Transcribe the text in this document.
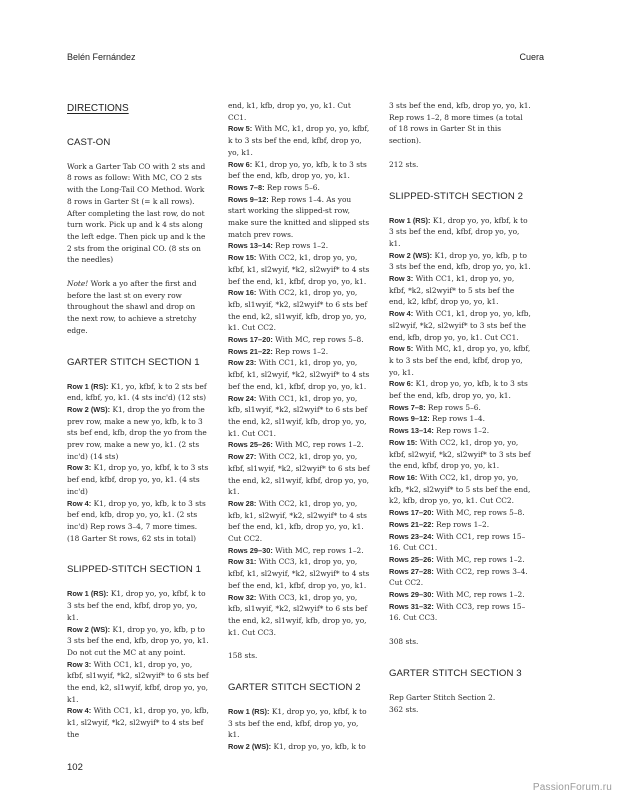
Belén Fernández	Cuera
DIRECTIONS
CAST-ON

Work a Garter Tab CO with 2 sts and 8 rows as follow: With MC, CO 2 sts with the Long-Tail CO Method. Work 8 rows in Garter St (= k all rows). After completing the last row, do not turn work. Pick up and k 4 sts along the left edge. Then pick up and k the 2 sts from the original CO. (8 sts on the needles)

Note! Work a yo after the first and before the last st on every row throughout the shawl and drop on the next row, to achieve a stretchy edge.

GARTER STITCH SECTION 1

Row 1 (RS): K1, yo, kfbf, k to 2 sts bef end, kfbf, yo, k1. (4 sts inc'd) (12 sts)

Row 2 (WS): K1, drop the yo from the prev row, make a new yo, kfb, k to 3 sts bef end, kfb, drop the yo from the prev row, make a new yo, k1. (2 sts inc'd) (14 sts)

Row 3: K1, drop yo, yo, kfbf, k to 3 sts bef end, kfbf, drop yo, yo, k1. (4 sts inc'd)

Row 4: K1, drop yo, yo, kfb, k to 3 sts bef end, kfb, drop yo, yo, k1. (2 sts inc'd) Rep rows 3–4, 7 more times. (18 Garter St rows, 62 sts in total)

SLIPPED-STITCH SECTION 1

Row 1 (RS): K1, drop yo, yo, kfbf, k to 3 sts bef the end, kfbf, drop yo, yo, k1.

Row 2 (WS): K1, drop yo, yo, kfb, p to 3 sts bef the end, kfb, drop yo, yo, k1. Do not cut the MC at any point.

Row 3: With CC1, k1, drop yo, yo, kfbf, sl1wyif, *k2, sl2wyif* to 6 sts bef the end, k2, sl1wyif, kfbf, drop yo, yo, k1.

Row 4: With CC1, k1, drop yo, yo, kfb, k1, sl2wyif, *k2, sl2wyif* to 4 sts bef the

end, k1, kfb, drop yo, yo, k1. Cut CC1.

Row 5: With MC, k1, drop yo, yo, kfbf, k to 3 sts bef the end, kfbf, drop yo, yo, k1.

Row 6: K1, drop yo, yo, kfb, k to 3 sts bef the end, kfb, drop yo, yo, k1.

Rows 7–8: Rep rows 5–6.

Rows 9–12: Rep rows 1–4. As you start working the slipped-st row, make sure the knitted and slipped sts match prev rows.

Rows 13–14: Rep rows 1–2.

Row 15: With CC2, k1, drop yo, yo, kfbf, k1, sl2wyif, *k2, sl2wyif* to 4 sts bef the end, k1, kfbf, drop yo, yo, k1.

Row 16: With CC2, k1, drop yo, yo, kfb, sl1wyif, *k2, sl2wyif* to 6 sts bef the end, k2, sl1wyif, kfb, drop yo, yo, k1. Cut CC2.

Rows 17–20: With MC, rep rows 5–8.

Rows 21–22: Rep rows 1–2.

Row 23: With CC1, k1, drop yo, yo, kfbf, k1, sl2wyif, *k2, sl2wyif* to 4 sts bef the end, k1, kfbf, drop yo, yo, k1.

Row 24: With CC1, k1, drop yo, yo, kfb, sl1wyif, *k2, sl2wyif* to 6 sts bef the end, k2, sl1wyif, kfb, drop yo, yo, k1. Cut CC1.

Rows 25–26: With MC, rep rows 1–2.

Row 27: With CC2, k1, drop yo, yo, kfbf, sl1wyif, *k2, sl2wyif* to 6 sts bef the end, k2, sl1wyif, kfbf, drop yo, yo, k1.

Row 28: With CC2, k1, drop yo, yo, kfb, k1, sl2wyif, *k2, sl2wyif* to 4 sts bef the end, k1, kfb, drop yo, yo, k1. Cut CC2.

Rows 29–30: With MC, rep rows 1–2.

Row 31: With CC3, k1, drop yo, yo, kfbf, k1, sl2wyif, *k2, sl2wyif* to 4 sts bef the end, k1, kfbf, drop yo, yo, k1.

Row 32: With CC3, k1, drop yo, yo, kfb, sl1wyif, *k2, sl2wyif* to 6 sts bef the end, k2, sl1wyif, kfb, drop yo, yo, k1. Cut CC3.

158 sts.

GARTER STITCH SECTION 2

Row 1 (RS): K1, drop yo, yo, kfbf, k to 3 sts bef the end, kfbf, drop yo, yo, k1.

Row 2 (WS): K1, drop yo, yo, kfb, k to

3 sts bef the end, kfb, drop yo, yo, k1. Rep rows 1–2, 8 more times (a total of 18 rows in Garter St in this section).

212 sts.

SLIPPED-STITCH SECTION 2

Row 1 (RS): K1, drop yo, yo, kfbf, k to 3 sts bef the end, kfbf, drop yo, yo, k1.

Row 2 (WS): K1, drop yo, yo, kfb, p to 3 sts bef the end, kfb, drop yo, yo, k1.

Row 3: With CC1, k1, drop yo, yo, kfbf, *k2, sl2wyif* to 5 sts bef the end, k2, kfbf, drop yo, yo, k1.

Row 4: With CC1, k1, drop yo, yo, kfb, sl2wyif, *k2, sl2wyif* to 3 sts bef the end, kfb, drop yo, yo, k1. Cut CC1.

Row 5: With MC, k1, drop yo, yo, kfbf, k to 3 sts bef the end, kfbf, drop yo, yo, k1.

Row 6: K1, drop yo, yo, kfb, k to 3 sts bef the end, kfb, drop yo, yo, k1.

Rows 7–8: Rep rows 5–6.

Rows 9–12: Rep rows 1–4.

Rows 13–14: Rep rows 1–2.

Row 15: With CC2, k1, drop yo, yo, kfbf, sl2wyif, *k2, sl2wyif* to 3 sts bef the end, kfbf, drop yo, yo, k1.

Row 16: With CC2, k1, drop yo, yo, kfb, *k2, sl2wyif* to 5 sts bef the end, k2, kfb, drop yo, yo, k1. Cut CC2.

Rows 17–20: With MC, rep rows 5–8.

Rows 21–22: Rep rows 1–2.

Rows 23–24: With CC1, rep rows 15–16. Cut CC1.

Rows 25–26: With MC, rep rows 1–2.

Rows 27–28: With CC2, rep rows 3–4. Cut CC2.

Rows 29–30: With MC, rep rows 1–2.

Rows 31–32: With CC3, rep rows 15–16. Cut CC3.

308 sts.

GARTER STITCH SECTION 3

Rep Garter Stitch Section 2.

362 sts.

102
PassionForum.ru
